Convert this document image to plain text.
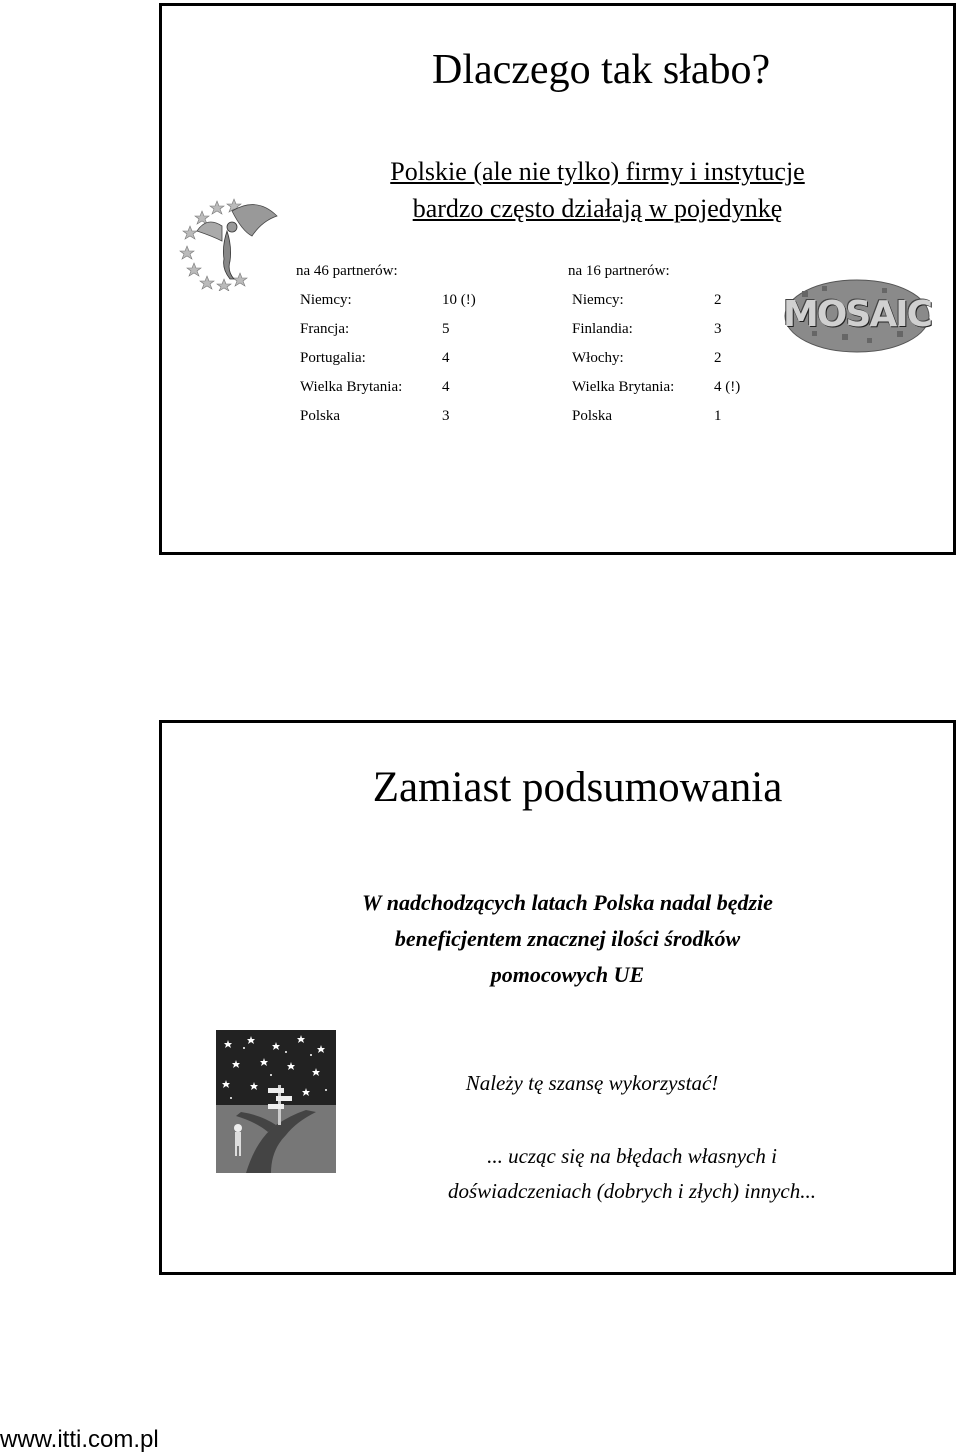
Dlaczego tak słabo?
Polskie (ale nie tylko) firmy i instytucje
bardzo często działają w pojedynkę
na 46 partnerów:
Niemcy:	10 (!)
Francja:	5
Portugalia:	4
Wielka Brytania:	4
Polska	3
na 16 partnerów:
Niemcy:	2
Finlandia:	3
Włochy:	2
Wielka Brytania:	4 (!)
Polska	1
MOSAIC
Zamiast podsumowania
W nadchodzących latach Polska nadal będzie
beneficjentem znacznej ilości środków
pomocowych UE
Należy tę szansę wykorzystać!
... ucząc się na błędach własnych i
doświadczeniach (dobrych i złych) innych...
www.itti.com.pl
